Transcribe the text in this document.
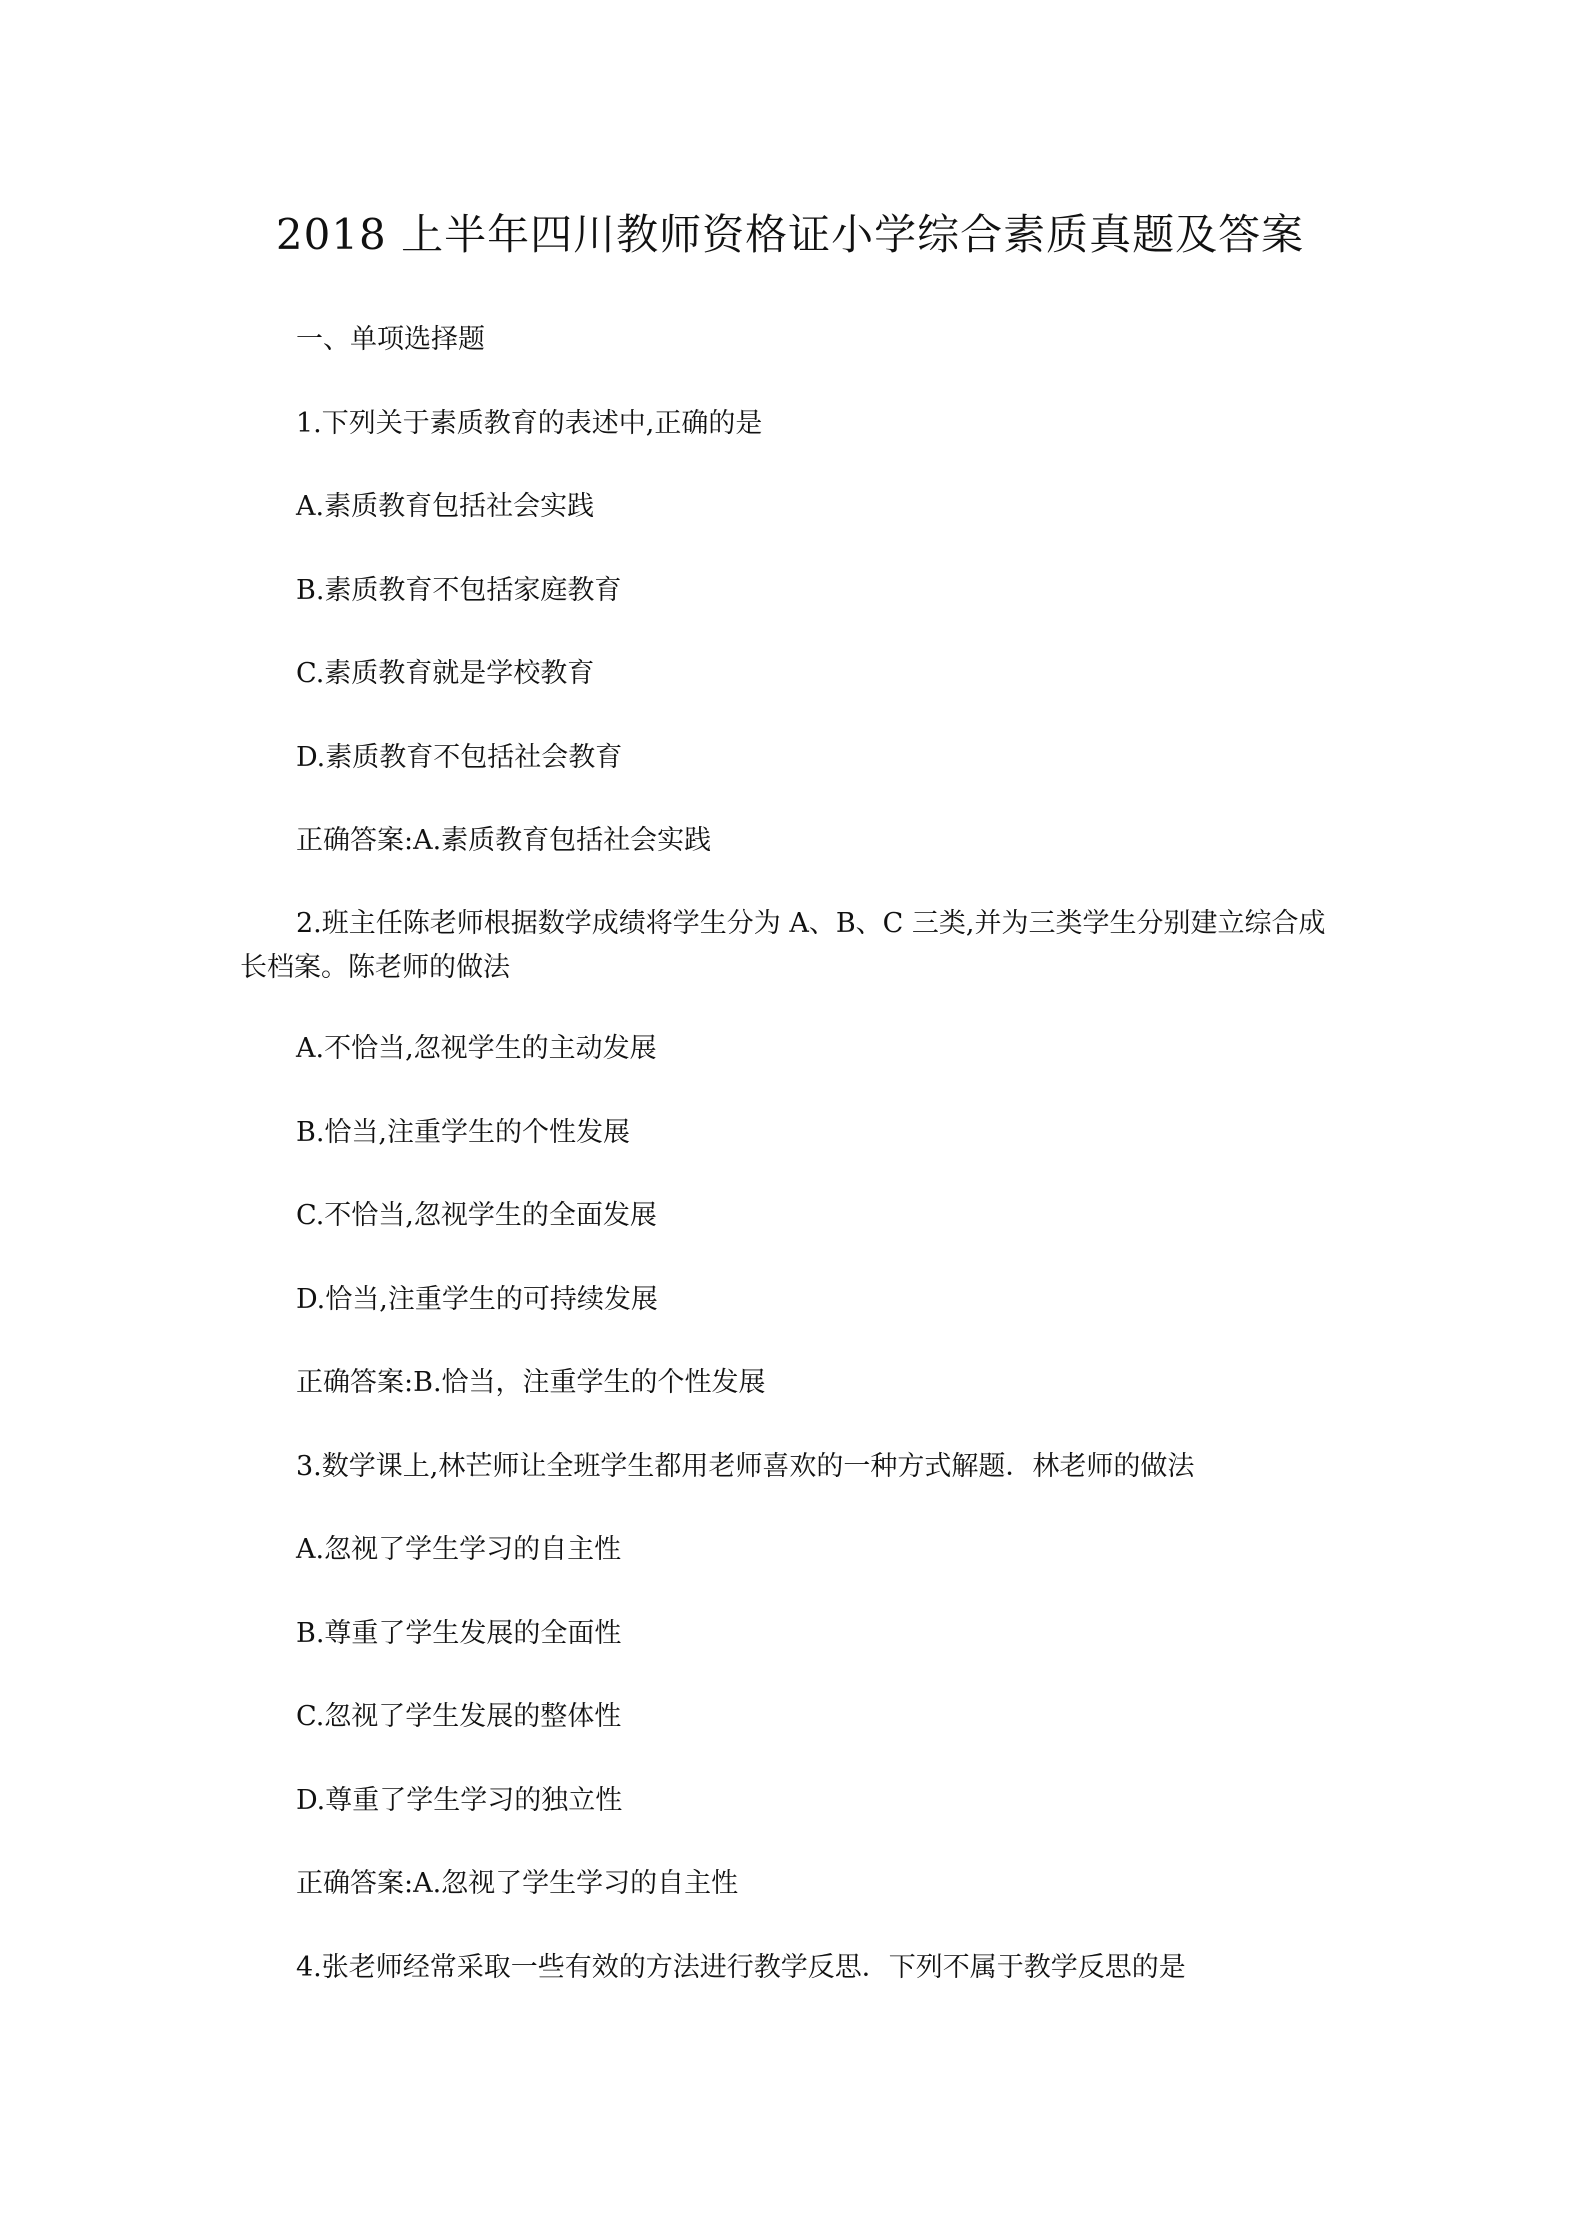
2018 上半年四川教师资格证小学综合素质真题及答案
一、单项选择题
1.下列关于素质教育的表述中,正确的是
A.素质教育包括社会实践
B.素质教育不包括家庭教育
C.素质教育就是学校教育
D.素质教育不包括社会教育
正确答案:A.素质教育包括社会实践
2.班主任陈老师根据数学成绩将学生分为 A、B、C 三类,并为三类学生分别建立综合成长档案。陈老师的做法
A.不恰当,忽视学生的主动发展
B.恰当,注重学生的个性发展
C.不恰当,忽视学生的全面发展
D.恰当,注重学生的可持续发展
正确答案:B.恰当，注重学生的个性发展
3.数学课上,林芒师让全班学生都用老师喜欢的一种方式解题．林老师的做法
A.忽视了学生学习的自主性
B.尊重了学生发展的全面性
C.忽视了学生发展的整体性
D.尊重了学生学习的独立性
正确答案:A.忽视了学生学习的自主性
4.张老师经常采取一些有效的方法进行教学反思．下列不属于教学反思的是
